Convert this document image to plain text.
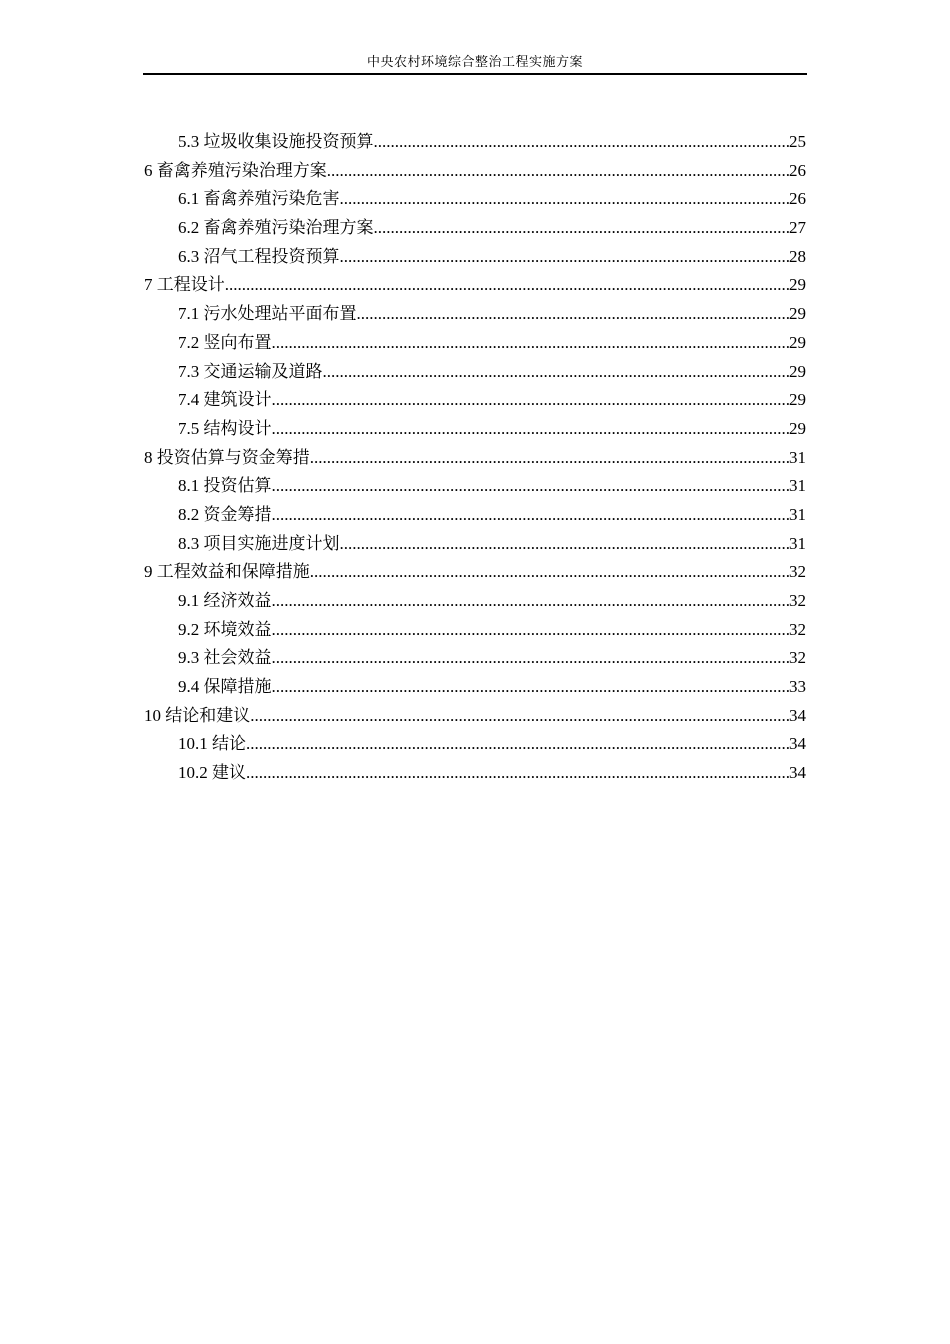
中央农村环境综合整治工程实施方案
5.3 垃圾收集设施投资预算 .....	25
6 畜禽养殖污染治理方案 .....	26
6.1 畜禽养殖污染危害 .....	26
6.2 畜禽养殖污染治理方案 .....	27
6.3 沼气工程投资预算 .....	28
7 工程设计 .....	29
7.1 污水处理站平面布置 .....	29
7.2 竖向布置 .....	29
7.3 交通运输及道路 .....	29
7.4 建筑设计 .....	29
7.5 结构设计 .....	29
8 投资估算与资金筹措 .....	31
8.1 投资估算 .....	31
8.2 资金筹措 .....	31
8.3 项目实施进度计划 .....	31
9 工程效益和保障措施 .....	32
9.1 经济效益 .....	32
9.2 环境效益 .....	32
9.3 社会效益 .....	32
9.4 保障措施 .....	33
10 结论和建议 .....	34
10.1 结论 .....	34
10.2 建议 .....	34
